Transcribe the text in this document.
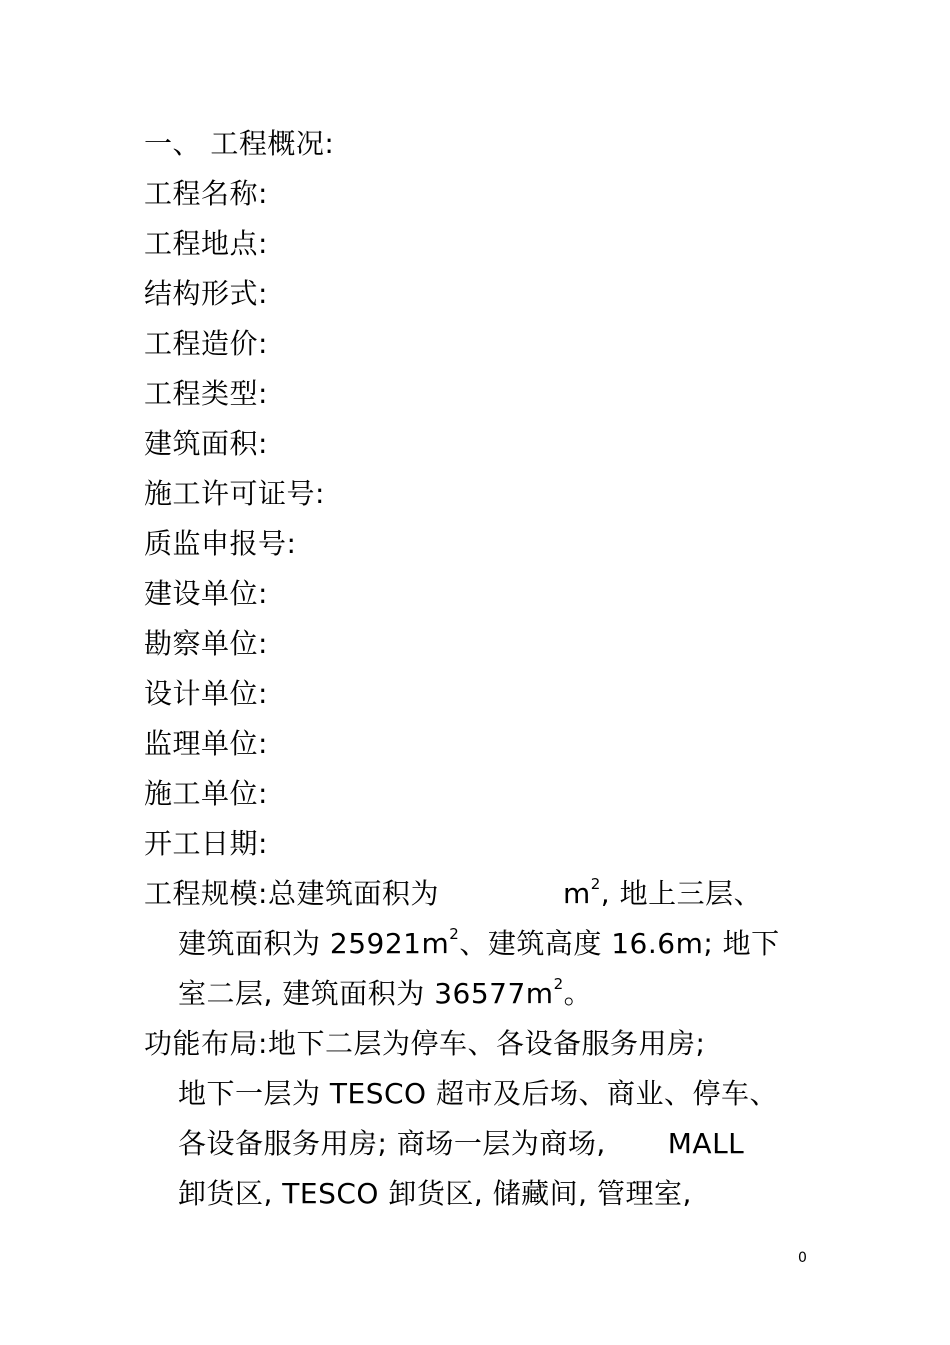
一、 工程概况:
工程名称:
工程地点:
结构形式:
工程造价:
工程类型:
建筑面积:
施工许可证号:
质监申报号:
建设单位:
勘察单位:
设计单位:
监理单位:
施工单位:
开工日期:
工程规模:总建筑面积为	$m^2$, 地上三层、
建筑面积为 $25921m^2$、建筑高度 16.6m; 地下
室二层, 建筑面积为 $36577m^2$。
功能布局:地下二层为停车、各设备服务用房;
地下一层为 TESCO 超市及后场、商业、停车、
各设备服务用房; 商场一层为商场, MALL
卸货区, TESCO 卸货区, 储藏间, 管理室,
0
